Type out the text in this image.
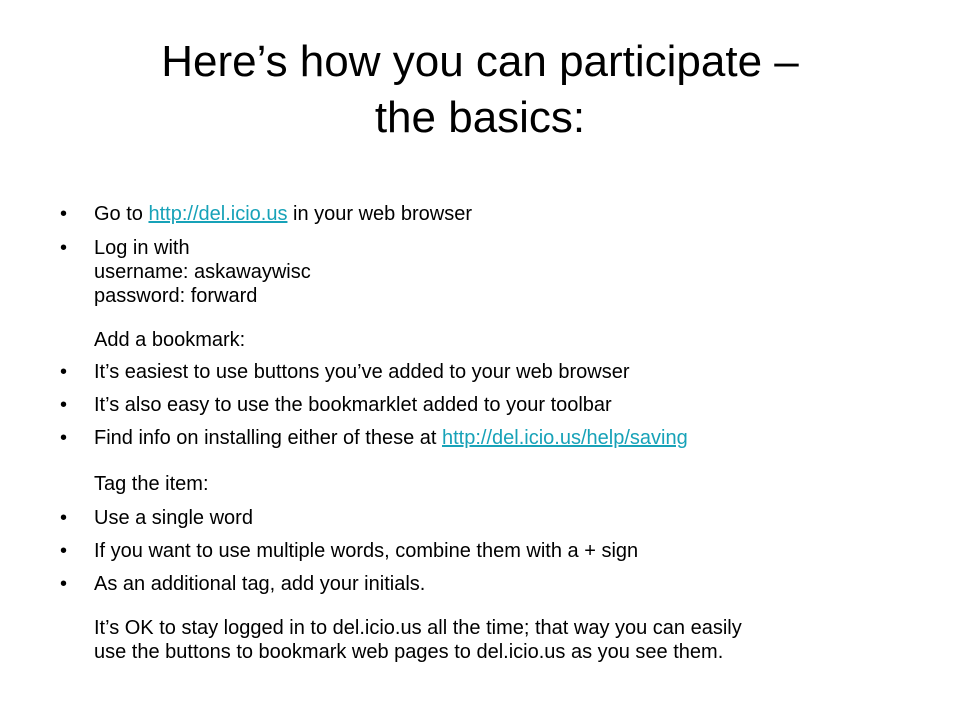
Here’s how you can participate –
the basics:
•	Go to http://del.icio.us in your web browser
•	Log in with
username: askawaywisc
password: forward
Add a bookmark:
•	It’s easiest to use buttons you’ve added to your web browser
•	It’s also easy to use the bookmarklet added to your toolbar
•	Find info on installing either of these at http://del.icio.us/help/saving
Tag the item:
•	Use a single word
•	If you want to use multiple words, combine them with a + sign
•	As an additional tag, add your initials.
It’s OK to stay logged in to del.icio.us all the time; that way you can easily
use the buttons to bookmark web pages to del.icio.us as you see them.
